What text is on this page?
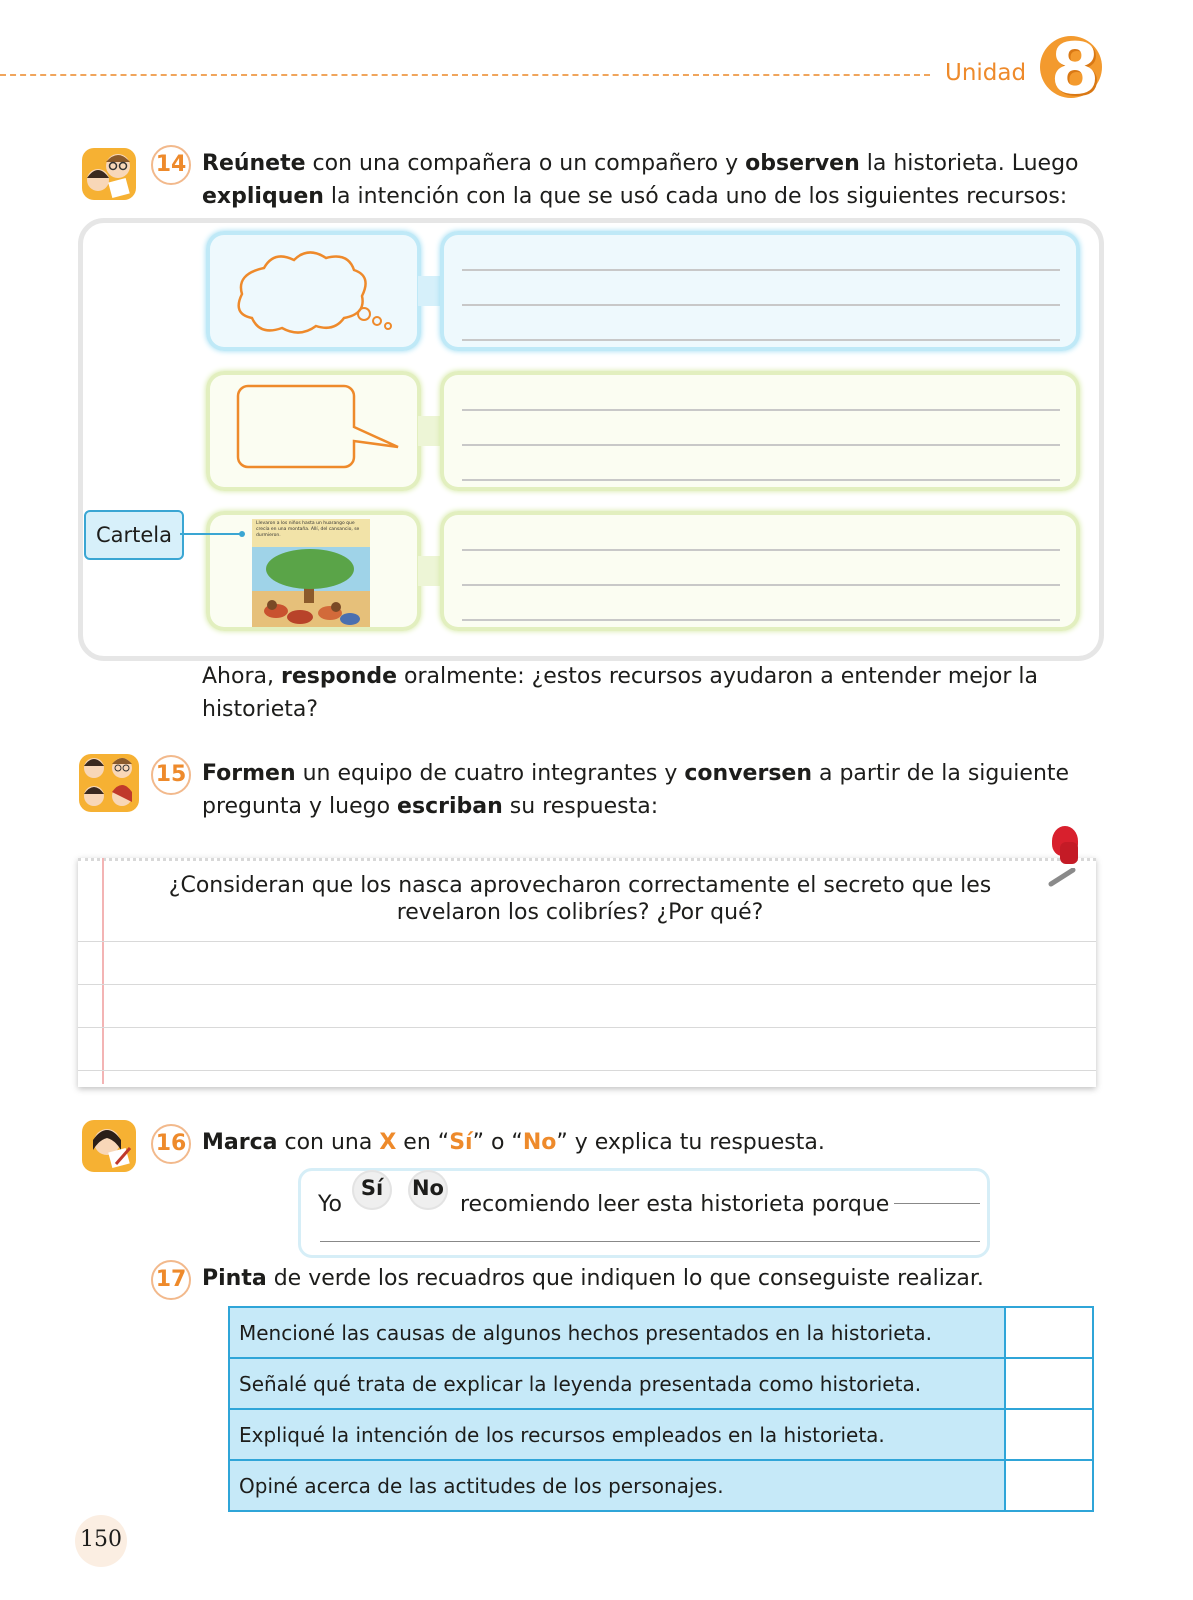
Unidad 8
14 Reúnete con una compañera o un compañero y observen la historieta. Luego
expliquen la intención con la que se usó cada uno de los siguientes recursos:
Cartela	Llevaron a los niños hasta un huarango que crecía en una montaña. Allí, del cansancio, se durmieron.
Ahora, responde oralmente: ¿estos recursos ayudaron a entender mejor la
historieta?
15 Formen un equipo de cuatro integrantes y conversen a partir de la siguiente
pregunta y luego escriban su respuesta:
¿Consideran que los nasca aprovecharon correctamente el secreto que les
revelaron los colibríes? ¿Por qué?
16 Marca con una X en “Sí” o “No” y explica tu respuesta.
Yo
Sí	No
recomiendo leer esta historieta porque
17 Pinta de verde los recuadros que indiquen lo que conseguiste realizar.
Mencioné las causas de algunos hechos presentados en la historieta.	
Señalé qué trata de explicar la leyenda presentada como historieta.	
Expliqué la intención de los recursos empleados en la historieta.	
Opiné acerca de las actitudes de los personajes.	
150
